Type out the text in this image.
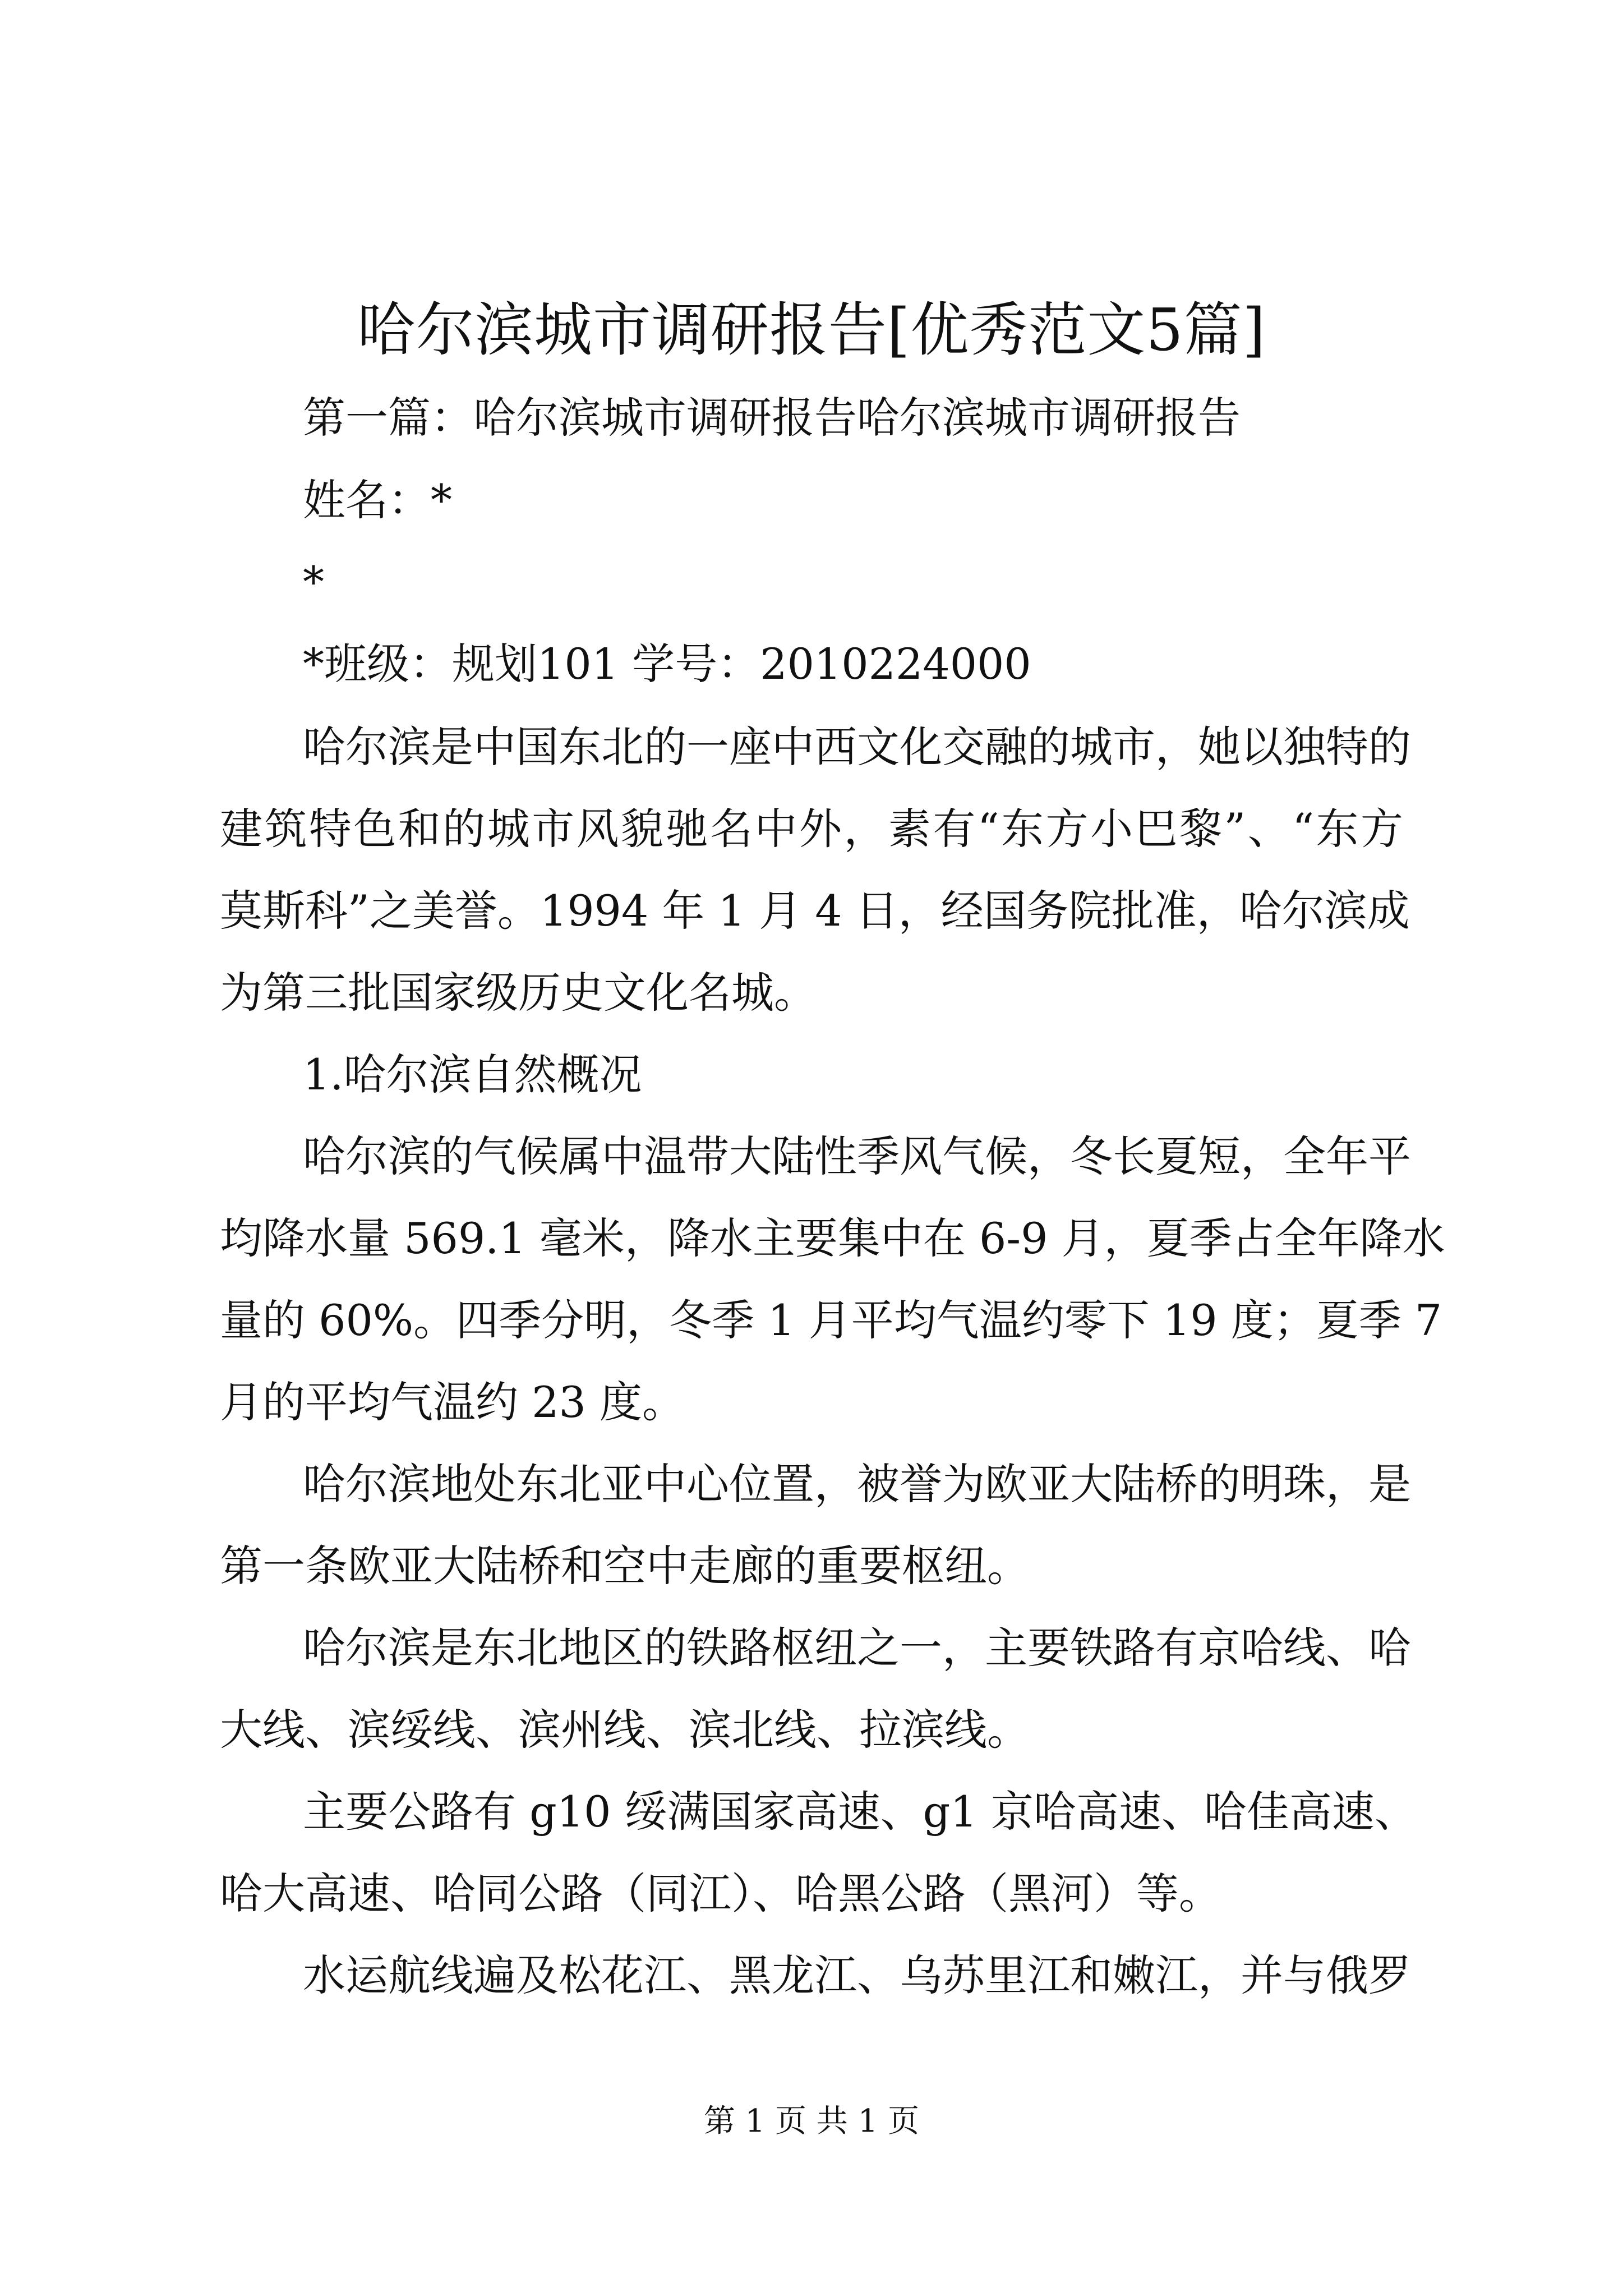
哈尔滨城市调研报告[优秀范文5篇]
第一篇：哈尔滨城市调研报告哈尔滨城市调研报告
姓名：*
*
*班级：规划101 学号：2010224000
哈尔滨是中国东北的一座中西文化交融的城市，她以独特的
建筑特色和的城市风貌驰名中外，素有“东方小巴黎”、“东方
莫斯科”之美誉。1994 年 1 月 4 日，经国务院批准，哈尔滨成
为第三批国家级历史文化名城。
1.哈尔滨自然概况
哈尔滨的气候属中温带大陆性季风气候，冬长夏短，全年平
均降水量 569.1 毫米，降水主要集中在 6-9 月，夏季占全年降水
量的 60%。四季分明，冬季 1 月平均气温约零下 19 度；夏季 7
月的平均气温约 23 度。
哈尔滨地处东北亚中心位置，被誉为欧亚大陆桥的明珠，是
第一条欧亚大陆桥和空中走廊的重要枢纽。
哈尔滨是东北地区的铁路枢纽之一，主要铁路有京哈线、哈
大线、滨绥线、滨州线、滨北线、拉滨线。
主要公路有 g10 绥满国家高速、g1 京哈高速、哈佳高速、
哈大高速、哈同公路（同江）、哈黑公路（黑河）等。
水运航线遍及松花江、黑龙江、乌苏里江和嫩江，并与俄罗
第 1 页 共 1 页
